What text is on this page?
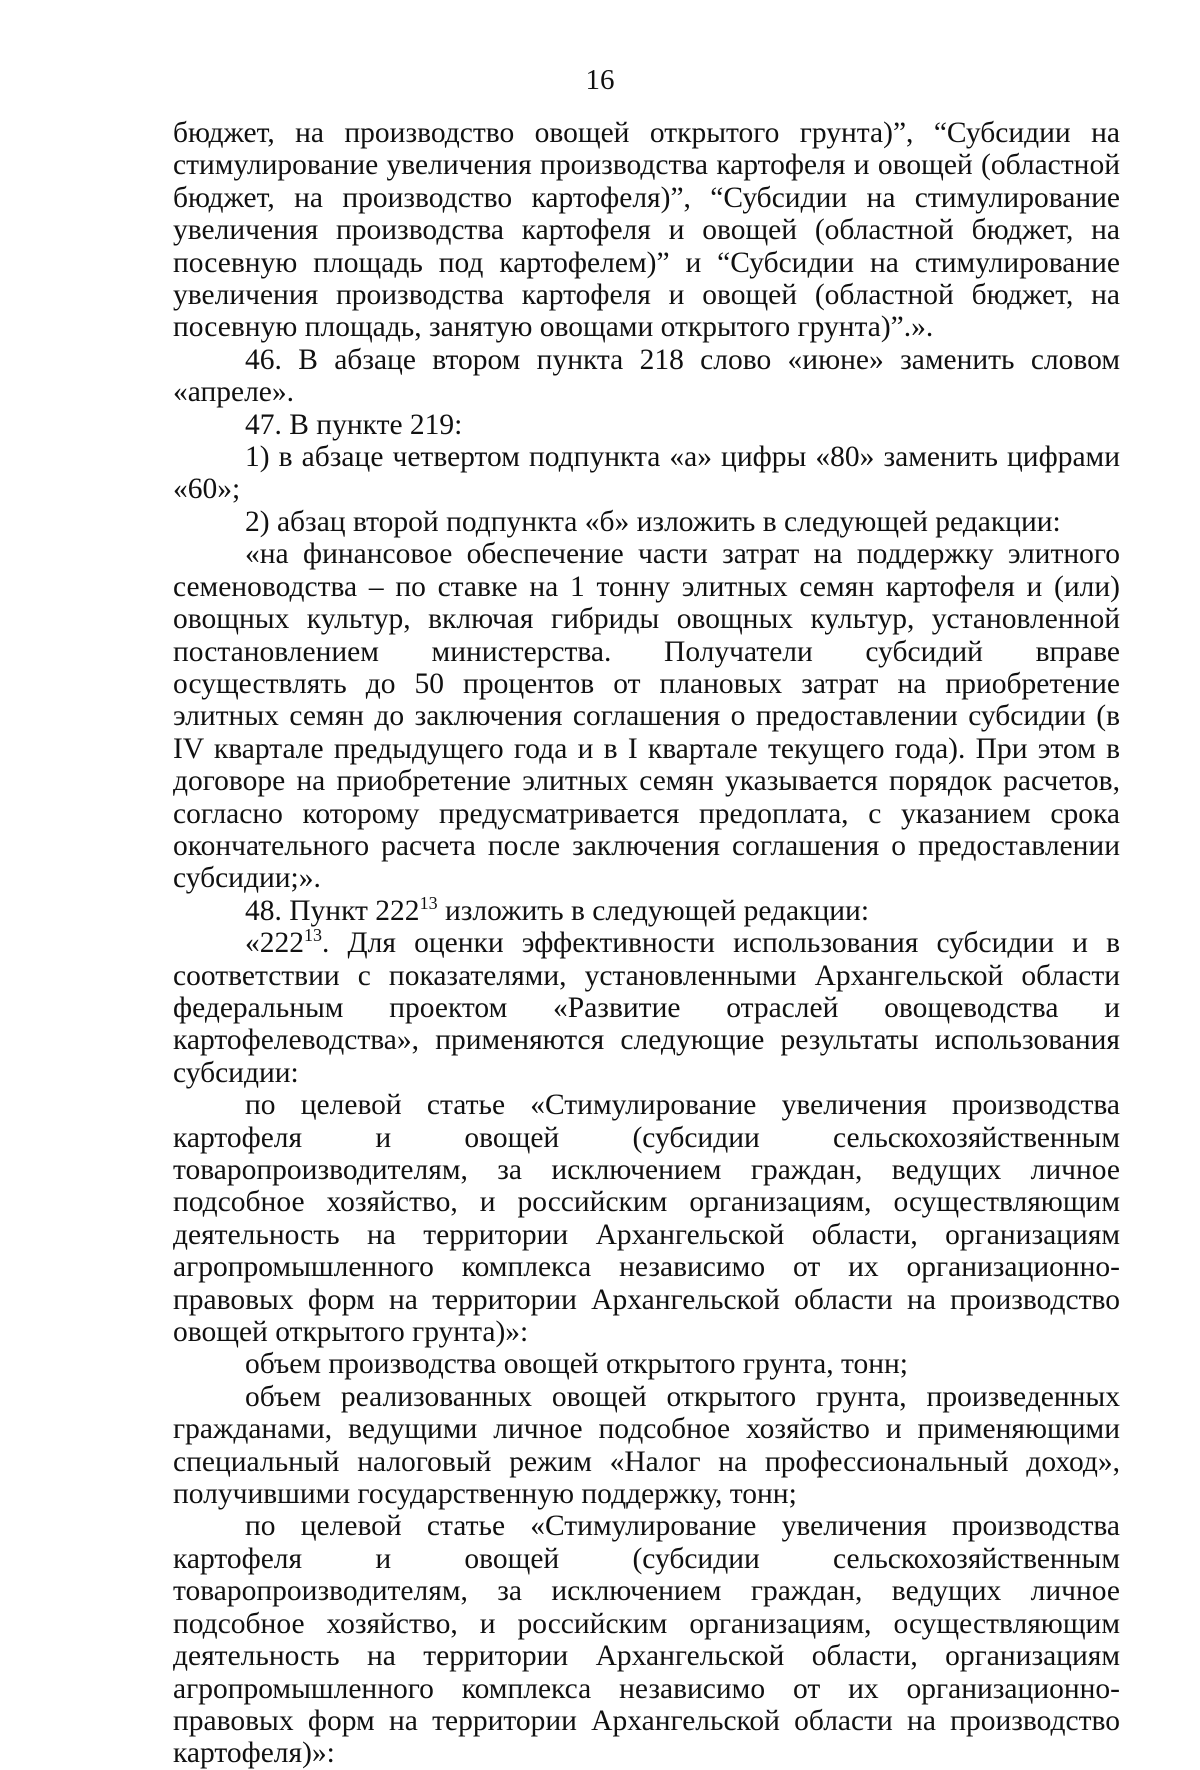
16

бюджет, на производство овощей открытого грунта)”, “Субсидии на стимулирование увеличения производства картофеля и овощей (областной бюджет, на производство картофеля)”, “Субсидии на стимулирование увеличения производства картофеля и овощей (областной бюджет, на посевную площадь под картофелем)” и “Субсидии на стимулирование увеличения производства картофеля и овощей (областной бюджет, на посевную площадь, занятую овощами открытого грунта)”.».

46. В абзаце втором пункта 218 слово «июне» заменить словом «апреле».

47. В пункте 219:

1) в абзаце четвертом подпункта «а» цифры «80» заменить цифрами «60»;

2) абзац второй подпункта «б» изложить в следующей редакции:

«на финансовое обеспечение части затрат на поддержку элитного семеноводства – по ставке на 1 тонну элитных семян картофеля и (или) овощных культур, включая гибриды овощных культур, установленной постановлением министерства. Получатели субсидий вправе осуществлять до 50 процентов от плановых затрат на приобретение элитных семян до заключения соглашения о предоставлении субсидии (в IV квартале предыдущего года и в I квартале текущего года). При этом в договоре на приобретение элитных семян указывается порядок расчетов, согласно которому предусматривается предоплата, с указанием срока окончательного расчета после заключения соглашения о предоставлении субсидии;».

48. Пункт $222^{13}$ изложить в следующей редакции:

«$222^{13}$. Для оценки эффективности использования субсидии и в соответствии с показателями, установленными Архангельской области федеральным проектом «Развитие отраслей овощеводства и картофелеводства», применяются следующие результаты использования субсидии:

по целевой статье «Стимулирование увеличения производства картофеля и овощей (субсидии сельскохозяйственным товаропроизводителям, за исключением граждан, ведущих личное подсобное хозяйство, и российским организациям, осуществляющим деятельность на территории Архангельской области, организациям агропромышленного комплекса независимо от их организационно-правовых форм на территории Архангельской области на производство овощей открытого грунта)»:

объем производства овощей открытого грунта, тонн;

объем реализованных овощей открытого грунта, произведенных гражданами, ведущими личное подсобное хозяйство и применяющими специальный налоговый режим «Налог на профессиональный доход», получившими государственную поддержку, тонн;

по целевой статье «Стимулирование увеличения производства картофеля и овощей (субсидии сельскохозяйственным товаропроизводителям, за исключением граждан, ведущих личное подсобное хозяйство, и российским организациям, осуществляющим деятельность на территории Архангельской области, организациям агропромышленного комплекса независимо от их организационно-правовых форм на территории Архангельской области на производство картофеля)»:
